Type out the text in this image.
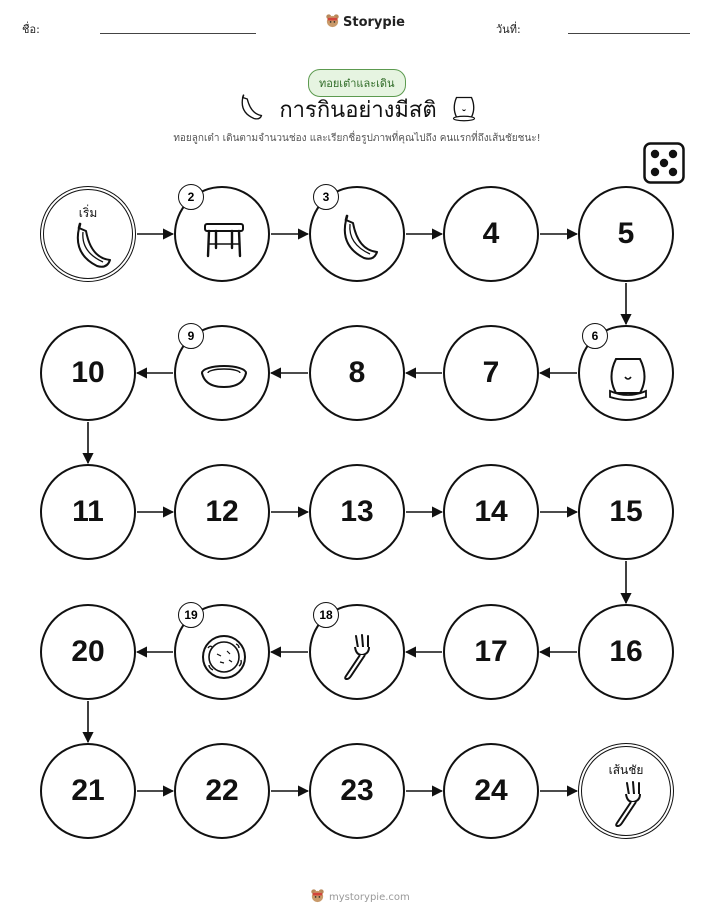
ชื่อ:	Storypie	วันที่:
ทอยเต๋าและเดิน
การกินอย่างมีสติ
ทอยลูกเต๋า เดินตามจำนวนช่อง และเรียกชื่อรูปภาพที่คุณไปถึง คนแรกที่ถึงเส้นชัยชนะ!
เริ่ม
2	3
4	5
6
7
8
9
10
11	12	13	14	15
16
17
18
19
20
21	22	23	24
เส้นชัย
mystorypie.com
